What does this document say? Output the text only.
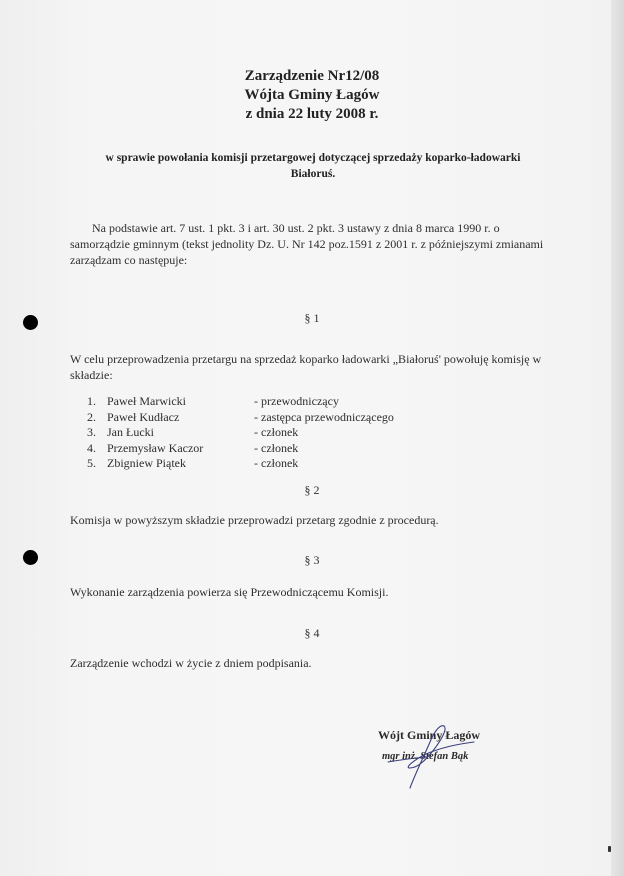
Zarządzenie Nr12/08
Wójta Gminy Łagów
z dnia 22 luty 2008 r.
w sprawie powołania komisji przetargowej dotyczącej sprzedaży koparko-ładowarki
Białoruś.
Na podstawie art. 7 ust. 1 pkt. 3 i art. 30 ust. 2 pkt. 3 ustawy z dnia 8 marca 1990 r. o samorządzie gminnym (tekst jednolity Dz. U. Nr 142 poz.1591 z 2001 r. z późniejszymi zmianami zarządzam co następuje:
§ 1
W celu przeprowadzenia przetargu na sprzedaż koparko ładowarki „Białoruś' powołuję komisję w składzie:
1. Paweł Marwicki	- przewodniczący
2. Paweł Kudłacz	- zastępca przewodniczącego
3. Jan Łucki	- członek
4. Przemysław Kaczor	- członek
5. Zbigniew Piątek	- członek
§ 2
Komisja w powyższym składzie przeprowadzi przetarg zgodnie z procedurą.
§ 3
Wykonanie zarządzenia powierza się Przewodniczącemu Komisji.
§ 4
Zarządzenie wchodzi w życie z dniem podpisania.
Wójt Gminy Łagów
mgr inż. Stefan Bąk
